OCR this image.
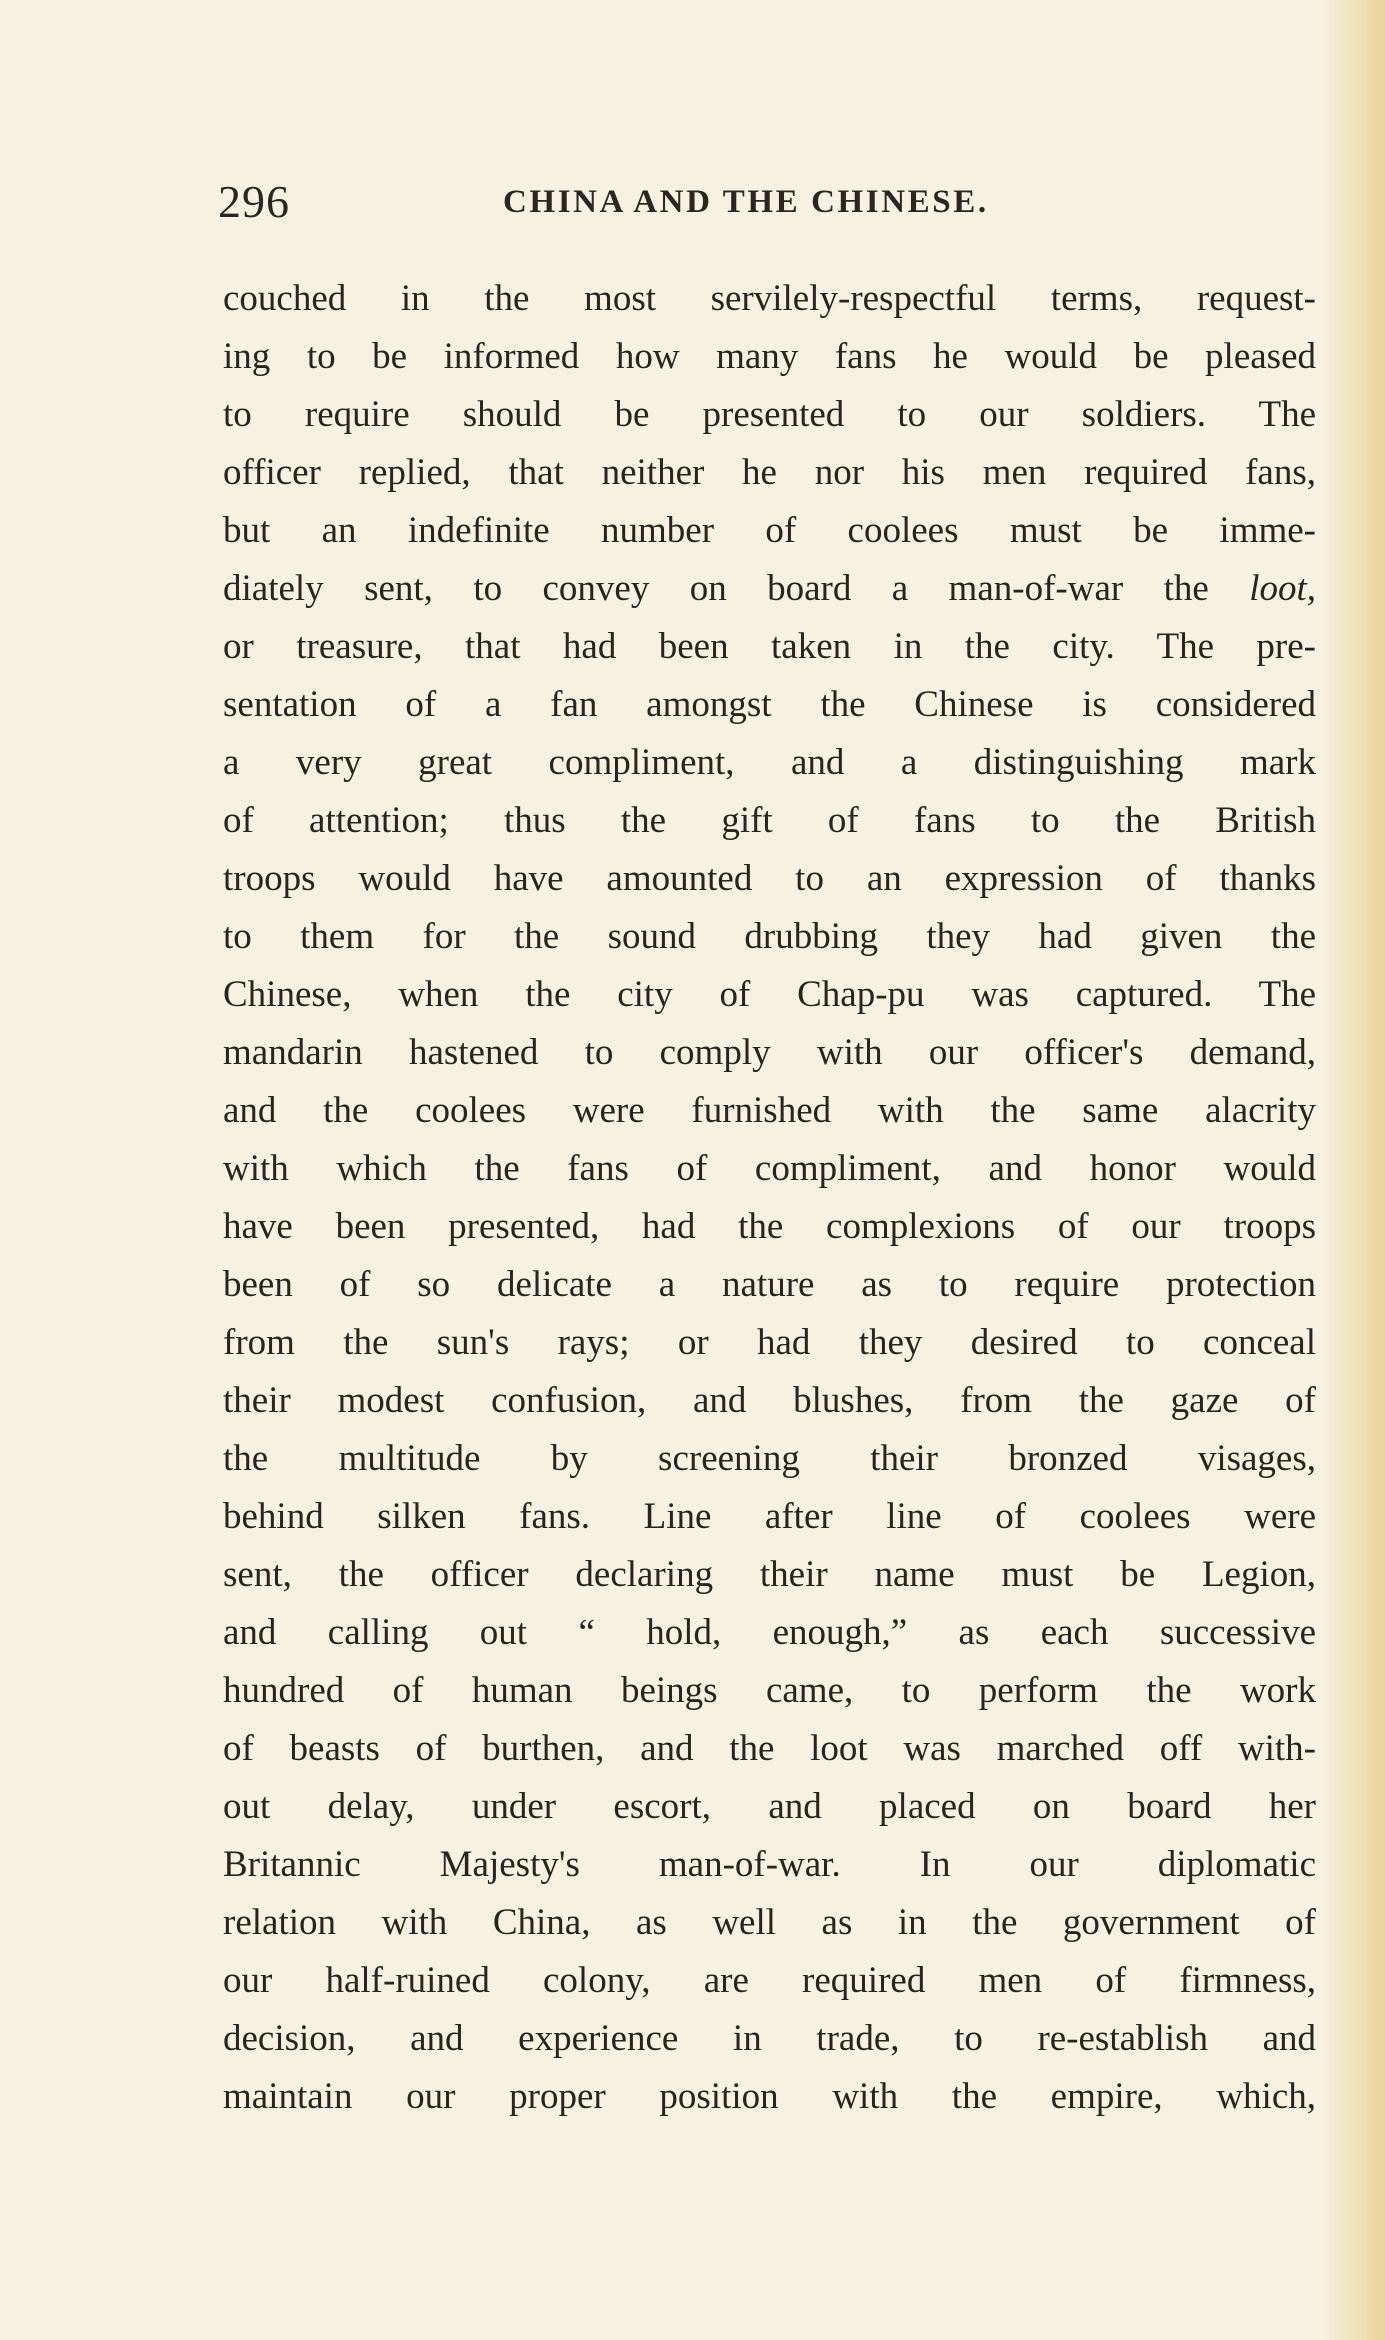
296	CHINA AND THE CHINESE.
couched in the most servilely-respectful terms, request-
ing to be informed how many fans he would be pleased
to require should be presented to our soldiers. The
officer replied, that neither he nor his men required fans,
but an indefinite number of coolees must be imme-
diately sent, to convey on board a man-of-war the loot,
or treasure, that had been taken in the city. The pre-
sentation of a fan amongst the Chinese is considered
a very great compliment, and a distinguishing mark
of attention; thus the gift of fans to the British
troops would have amounted to an expression of thanks
to them for the sound drubbing they had given the
Chinese, when the city of Chap-pu was captured. The
mandarin hastened to comply with our officer's demand,
and the coolees were furnished with the same alacrity
with which the fans of compliment, and honor would
have been presented, had the complexions of our troops
been of so delicate a nature as to require protection
from the sun's rays; or had they desired to conceal
their modest confusion, and blushes, from the gaze of
the multitude by screening their bronzed visages,
behind silken fans. Line after line of coolees were
sent, the officer declaring their name must be Legion,
and calling out “ hold, enough,” as each successive
hundred of human beings came, to perform the work
of beasts of burthen, and the loot was marched off with-
out delay, under escort, and placed on board her
Britannic Majesty's man-of-war. In our diplomatic
relation with China, as well as in the government of
our half-ruined colony, are required men of firmness,
decision, and experience in trade, to re-establish and
maintain our proper position with the empire, which,
